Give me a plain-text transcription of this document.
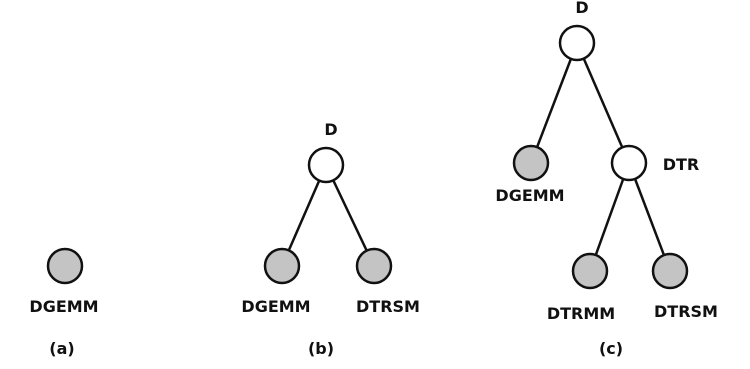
DGEMM
(a)
D
DGEMM	DTRSM
(b)
D
DGEMM
DTR
DTRMM DTRSM
(c)
